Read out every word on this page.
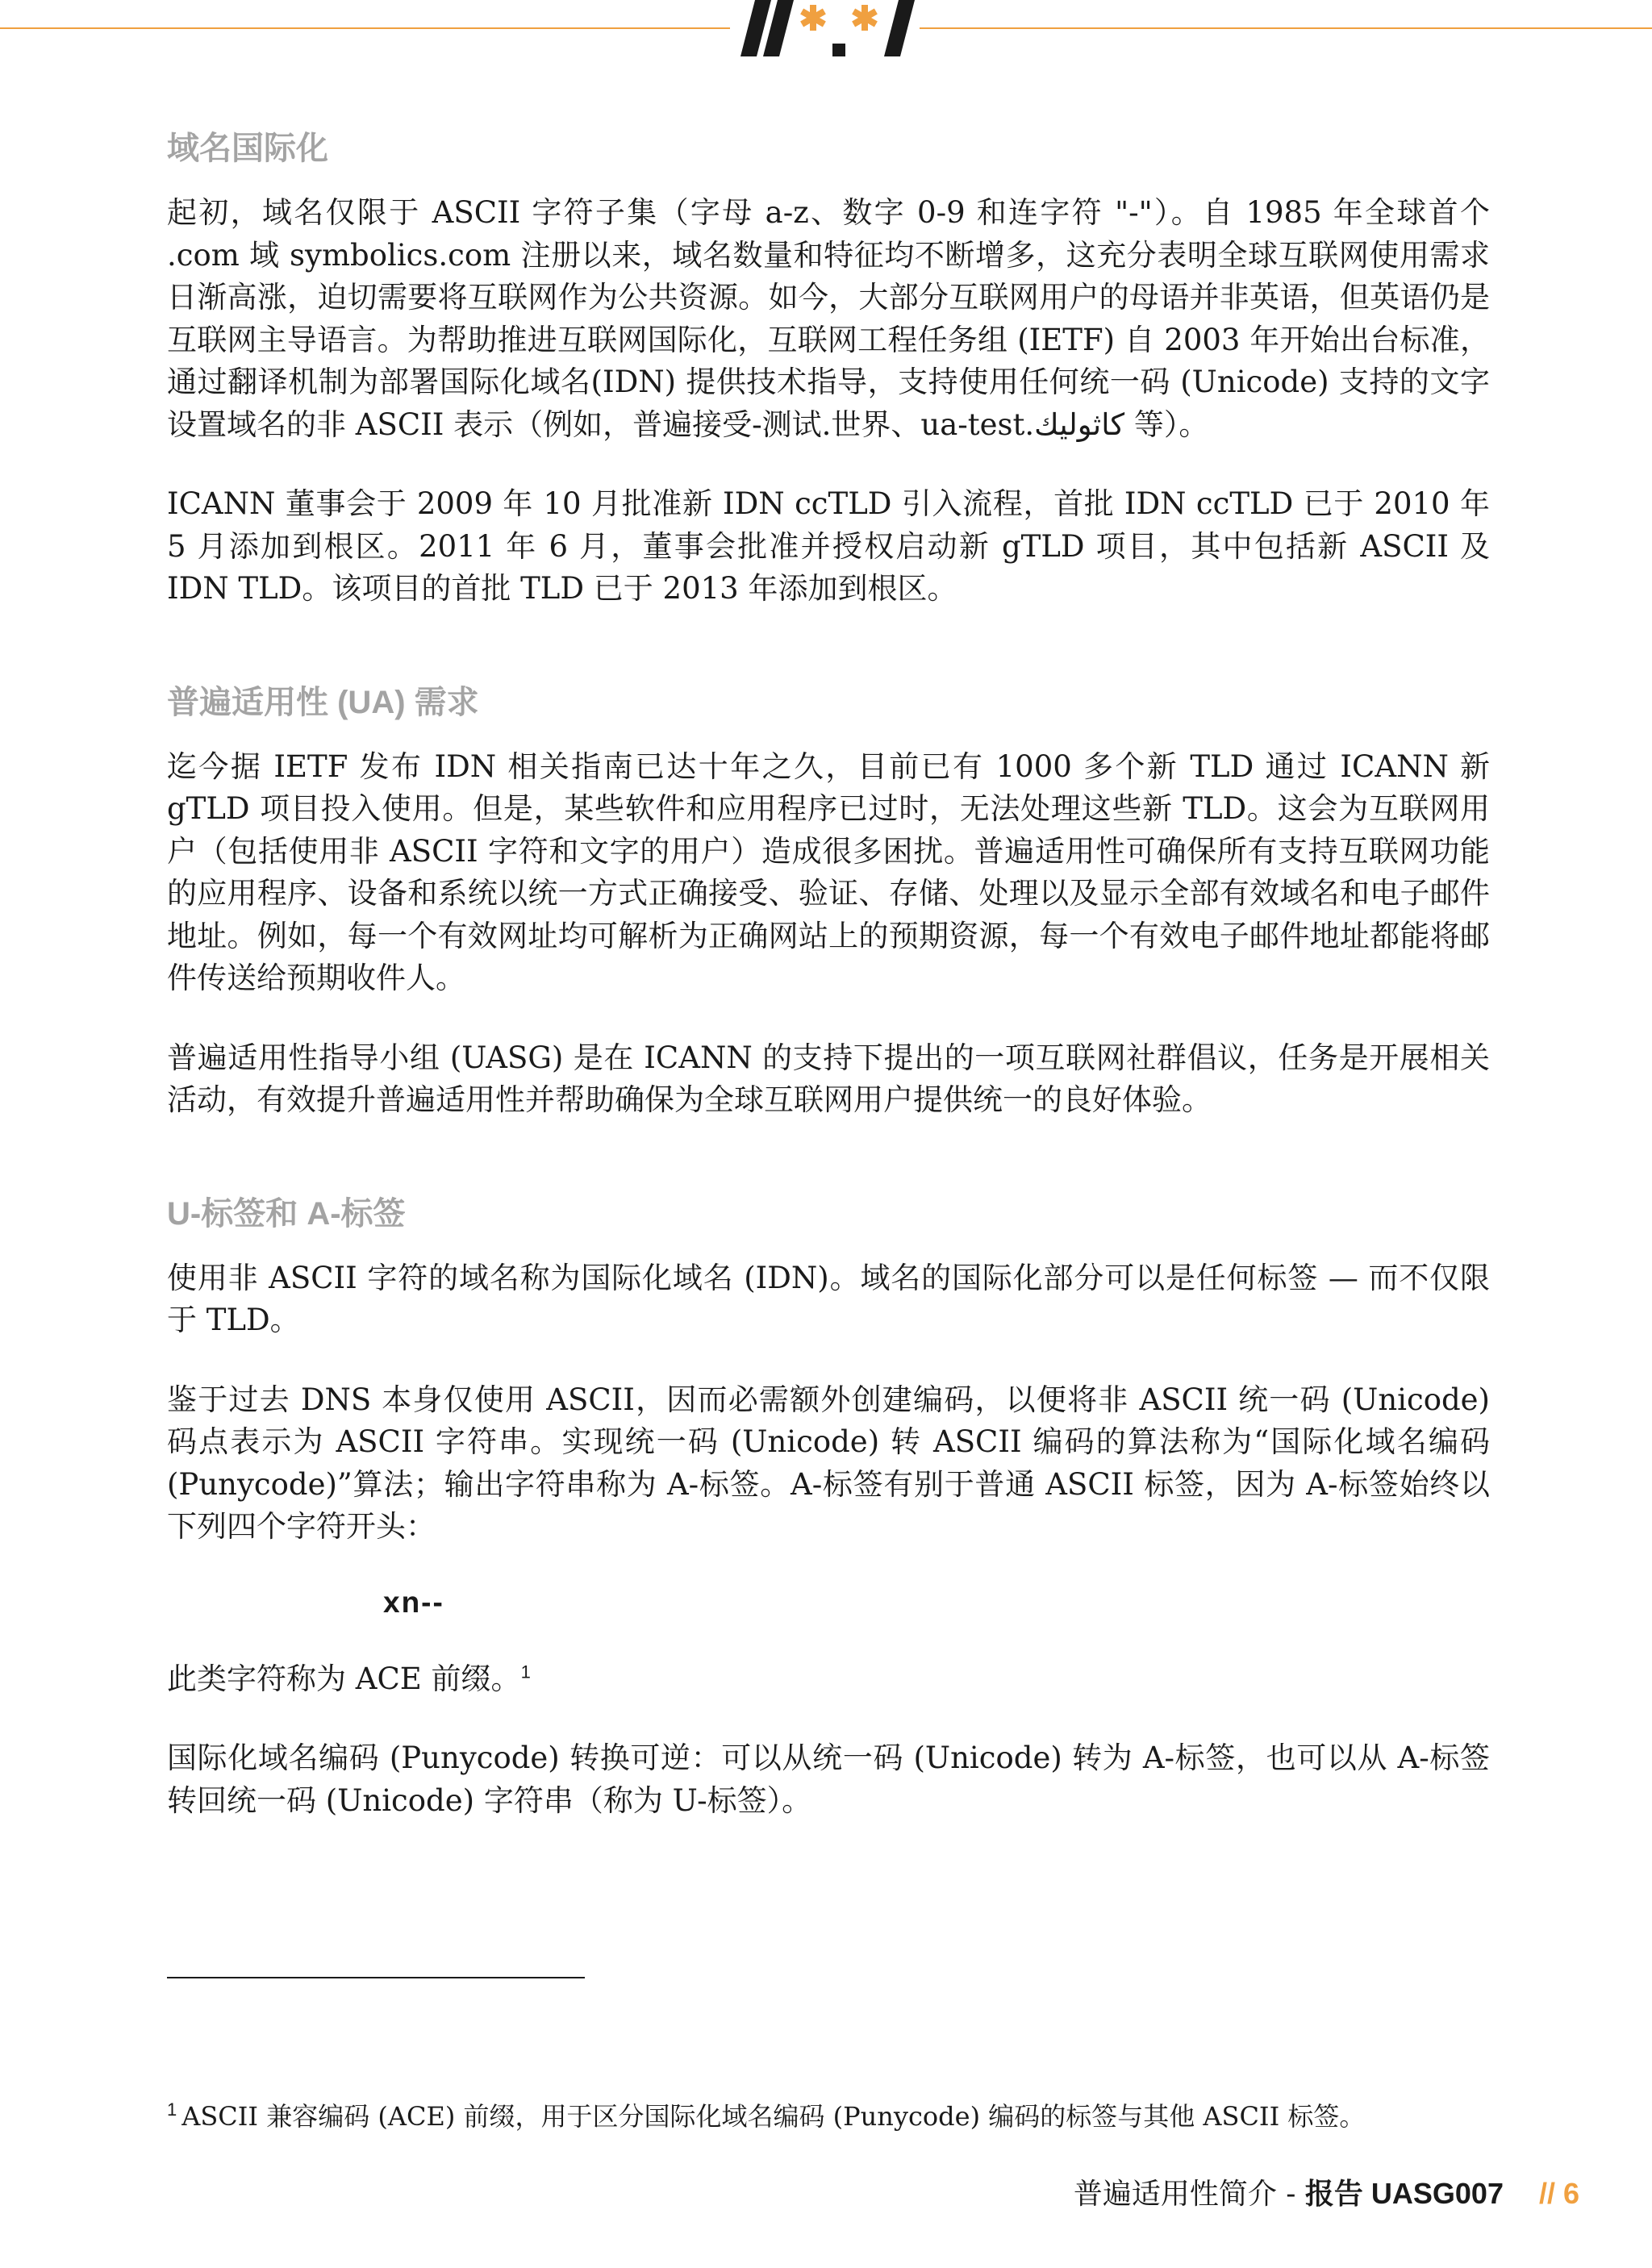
域名国际化

起初，域名仅限于 ASCII 字符子集（字母 a-z、数字 0-9 和连字符 "-"）。自 1985 年全球首个 .com 域 symbolics.com 注册以来，域名数量和特征均不断增多，这充分表明全球互联网使用需求日渐高涨，迫切需要将互联网作为公共资源。如今，大部分互联网用户的母语并非英语，但英语仍是互联网主导语言。为帮助推进互联网国际化，互联网工程任务组 (IETF) 自 2003 年开始出台标准，通过翻译机制为部署国际化域名(IDN) 提供技术指导，支持使用任何统一码 (Unicode) 支持的文字设置域名的非 ASCII 表示（例如，普遍接受-测试.世界、ua-test.كاثوليك 等）。

ICANN 董事会于 2009 年 10 月批准新 IDN ccTLD 引入流程，首批 IDN ccTLD 已于 2010 年 5 月添加到根区。2011 年 6 月，董事会批准并授权启动新 gTLD 项目，其中包括新 ASCII 及 IDN TLD。该项目的首批 TLD 已于 2013 年添加到根区。

普遍适用性 (UA) 需求

迄今据 IETF 发布 IDN 相关指南已达十年之久，目前已有 1000 多个新 TLD 通过 ICANN 新 gTLD 项目投入使用。但是，某些软件和应用程序已过时，无法处理这些新 TLD。这会为互联网用户（包括使用非 ASCII 字符和文字的用户）造成很多困扰。普遍适用性可确保所有支持互联网功能的应用程序、设备和系统以统一方式正确接受、验证、存储、处理以及显示全部有效域名和电子邮件地址。例如，每一个有效网址均可解析为正确网站上的预期资源，每一个有效电子邮件地址都能将邮件传送给预期收件人。

普遍适用性指导小组 (UASG) 是在 ICANN 的支持下提出的一项互联网社群倡议，任务是开展相关活动，有效提升普遍适用性并帮助确保为全球互联网用户提供统一的良好体验。

U-标签和 A-标签

使用非 ASCII 字符的域名称为国际化域名 (IDN)。域名的国际化部分可以是任何标签 — 而不仅限于 TLD。

鉴于过去 DNS 本身仅使用 ASCII，因而必需额外创建编码，以便将非 ASCII 统一码 (Unicode) 码点表示为 ASCII 字符串。实现统一码 (Unicode) 转 ASCII 编码的算法称为“国际化域名编码 (Punycode)”算法；输出字符串称为 A-标签。A-标签有别于普通 ASCII 标签，因为 A-标签始终以下列四个字符开头：

xn--

此类字符称为 ACE 前缀。$^1$

国际化域名编码 (Punycode) 转换可逆：可以从统一码 (Unicode) 转为 A-标签，也可以从 A-标签转回统一码 (Unicode) 字符串（称为 U-标签）。

$^1$ ASCII 兼容编码 (ACE) 前缀，用于区分国际化域名编码 (Punycode) 编码的标签与其他 ASCII 标签。
普遍适用性简介 - 报告 UASG007 // 6
